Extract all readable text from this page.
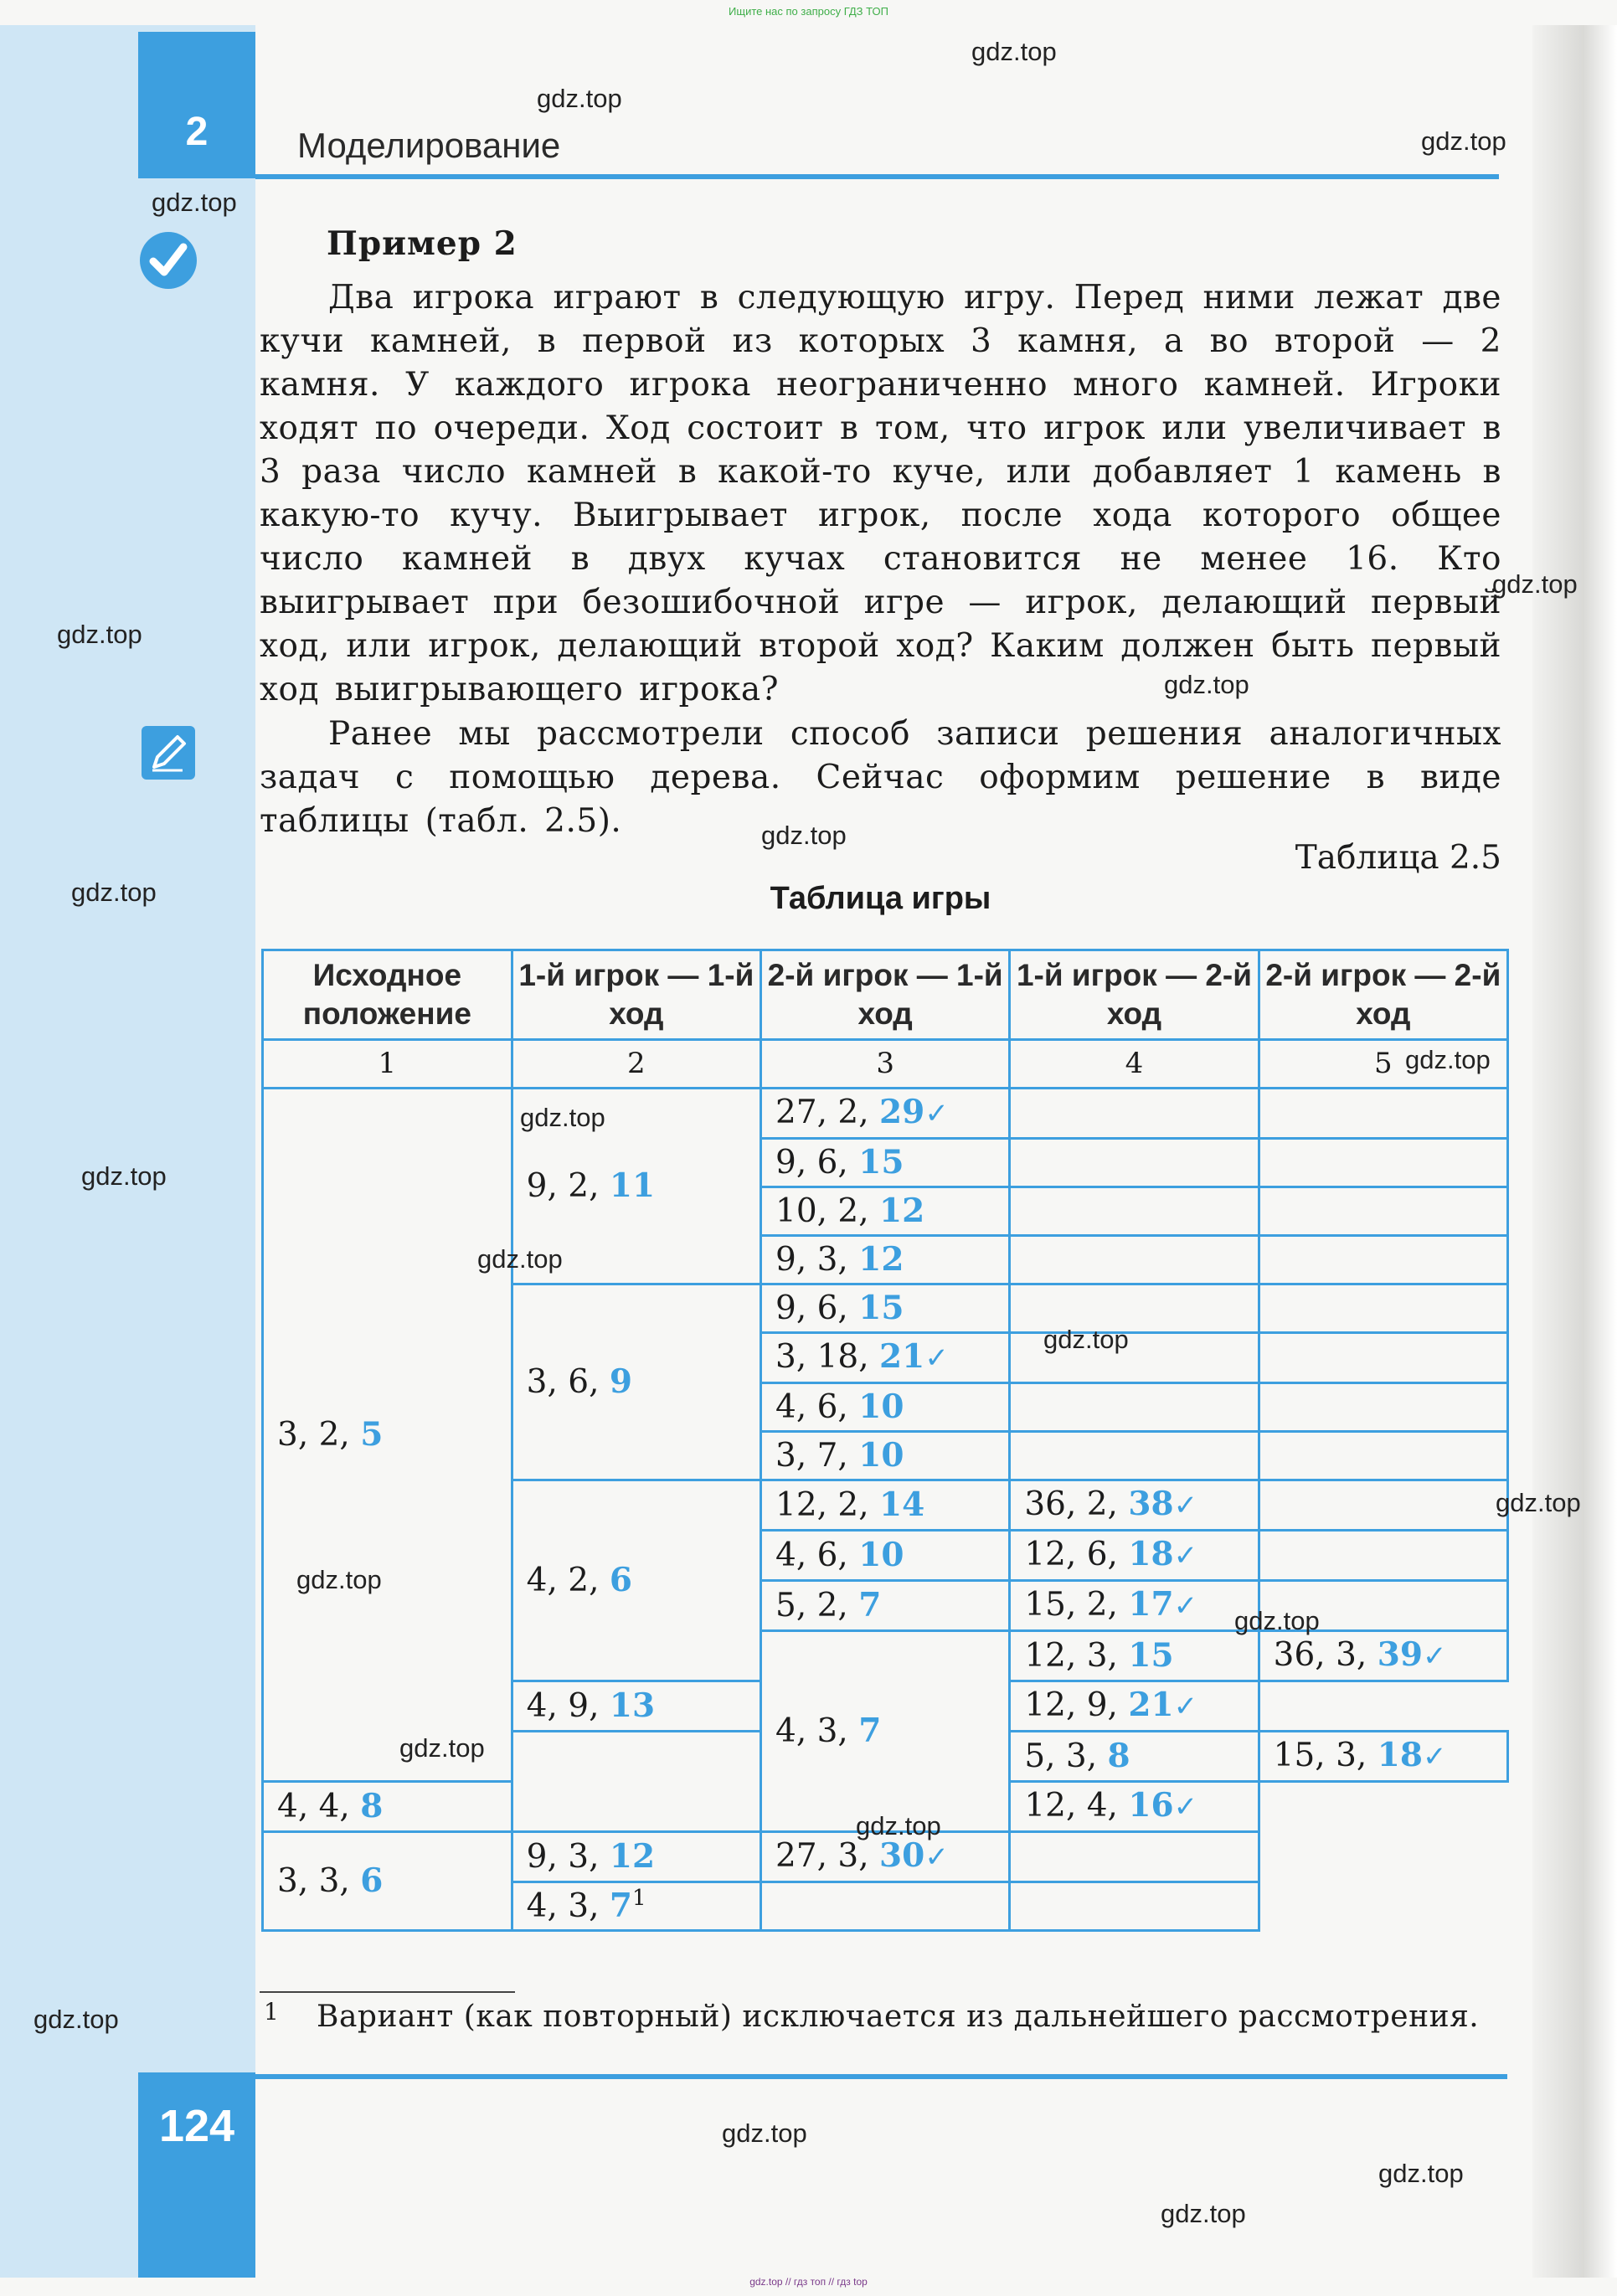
Ищите нас по запросу ГДЗ ТОП
2	Моделирование
Пример 2

Два игрока играют в следующую игру. Перед ними лежат две кучи камней, в первой из которых 3 камня, а во второй — 2 камня. У каждого игрока неограниченно много камней. Игроки ходят по очереди. Ход состоит в том, что игрок или увеличивает в 3 раза число камней в какой-то куче, или добавляет 1 камень в какую-то кучу. Выигрывает игрок, после хода которого общее число камней в двух кучах становится не менее 16. Кто выигрывает при безошибочной игре — игрок, делающий первый ход, или игрок, делающий второй ход? Каким должен быть первый ход выигрывающего игрока?

Ранее мы рассмотрели способ записи решения аналогичных задач с помощью дерева. Сейчас оформим решение в виде таблицы (табл. 2.5).

Таблица 2.5
Таблица игры
Исходное положение	1-й игрок — 1-й ход	2-й игрок — 1-й ход	1-й игрок — 2-й ход	2-й игрок — 2-й ход
1	2	3	4	5
3, 2, 5	9, 2, 11	27, 2, 29✓		
		9, 6, 15		
		10, 2, 12		
		9, 3, 12		
	3, 6, 9	9, 6, 15		
		3, 18, 21✓		
		4, 6, 10		
		3, 7, 10		
	4, 2, 6	12, 2, 14	36, 2, 38✓	
		4, 6, 10	12, 6, 18✓	
		5, 2, 7	15, 2, 17✓	
		4, 3, 7	12, 3, 15	36, 3, 39✓
	4, 9, 13		12, 9, 21✓	
			5, 3, 8	15, 3, 18✓
4, 4, 8			12, 4, 16✓	
3, 3, 6	9, 3, 12	27, 3, 30✓		
	4, 3, 7$^1$		
1 Вариант (как повторный) исключается из дальнейшего рассмотрения.
124
gdz.top
gdz.top
gdz.top
gdz.top
gdz.top
gdz.top
gdz.top
gdz.top
gdz.top
gdz.top
gdz.top
gdz.top
gdz.top
gdz.top
gdz.top
gdz.top
gdz.top
gdz.top
gdz.top
gdz.top
gdz.top
gdz.top
gdz.top
gdz.top // гдз топ // гдз top
